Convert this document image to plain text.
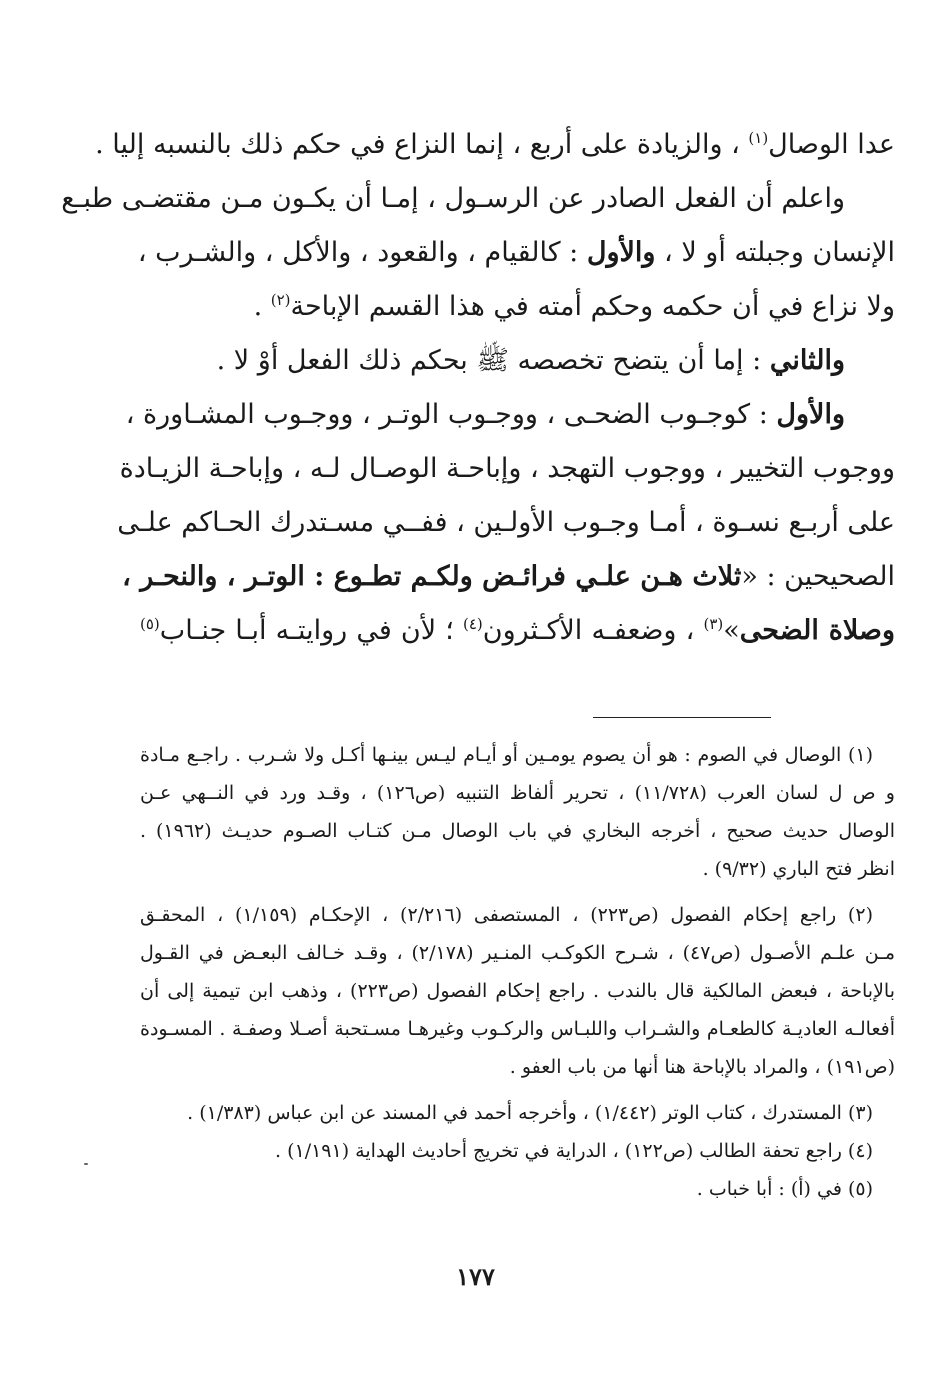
عدا الوصال$^{(١)}$ ، والزيادة على أربع ، إنما النزاع في حكم ذلك بالنسبه إليا .
واعلم أن الفعل الصادر عن الرسـول ، إمـا أن يكـون مـن مقتضـى طبـع
الإنسان وجبلته أو لا ، والأول : كالقيام ، والقعود ، والأكل ، والشـرب ،
ولا نزاع في أن حكمه وحكم أمته في هذا القسم الإباحة$^{(٢)}$ .
والثاني : إما أن يتضح تخصصه ﷺ بحكم ذلك الفعل أوْ لا .
والأول : كوجـوب الضحـى ، ووجـوب الوتـر ، ووجـوب المشـاورة ،
ووجوب التخيير ، ووجوب التهجد ، وإباحـة الوصـال لـه ، وإباحـة الزيـادة
على أربـع نسـوة ، أمـا وجـوب الأولـين ، ففــي مسـتدرك الحـاكم علـى
الصحيحين : «ثلاث هـن علـي فرائـض ولكـم تطـوع : الوتـر ، والنحـر ،
وصلاة الضحى»$^{(٣)}$ ، وضعفـه الأكـثرون$^{(٤)}$ ؛ لأن في روايتـه أبـا جنـاب$^{(٥)}$
(١) الوصال في الصوم : هو أن يصوم يومـين أو أيـام ليـس بينـها أكـل ولا شـرب . راجـع مـادة
و ص ل لسان العرب (١١/٧٢٨) ، تحرير ألفاظ التنبيه (ص١٢٦) ، وقـد ورد في النــهي عـن
الوصال حديث صحيح ، أخرجه البخاري في باب الوصال مـن كتـاب الصـوم حديـث (١٩٦٢) .
انظر فتح الباري (٩/٣٢) .
(٢) راجع إحكام الفصول (ص٢٢٣) ، المستصفى (٢/٢١٦) ، الإحكـام (١/١٥٩) ، المحقـق
مـن علـم الأصـول (ص٤٧) ، شـرح الكوكـب المنـير (٢/١٧٨) ، وقـد خـالف البعـض في القـول
بالإباحة ، فبعض المالكية قال بالندب . راجع إحكام الفصول (ص٢٢٣) ، وذهب ابن تيمية إلى أن
أفعالـه العاديـة كالطعـام والشـراب واللبـاس والركـوب وغيرهـا مسـتحبة أصـلا وصفـة . المسـودة
(ص١٩١) ، والمراد بالإباحة هنا أنها من باب العفو .
(٣) المستدرك ، كتاب الوتر (١/٤٤٢) ، وأخرجه أحمد في المسند عن ابن عباس (١/٣٨٣) .
(٤) راجع تحفة الطالب (ص١٢٢) ، الدراية في تخريج أحاديث الهداية (١/١٩١) .
(٥) في (أ) : أبا خباب .
١٧٧
